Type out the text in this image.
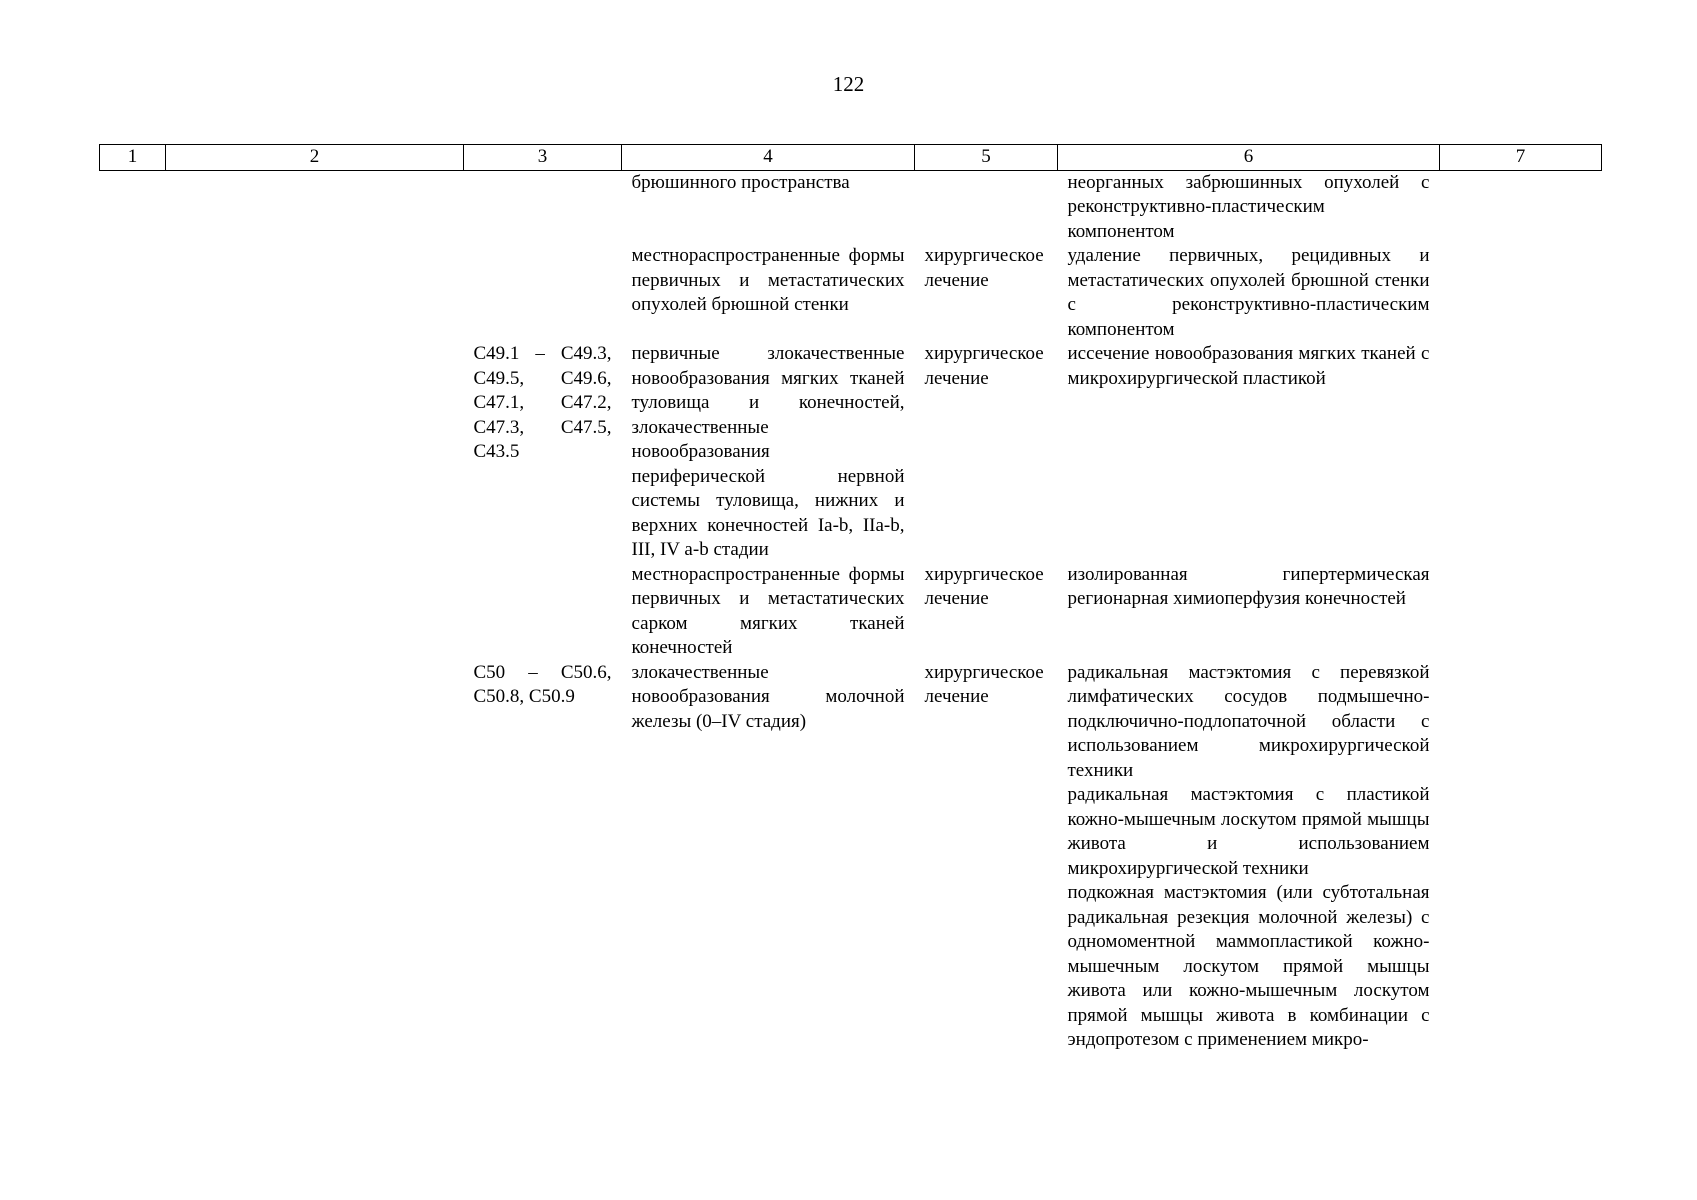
122
1	2	3	4	5	6	7
			брюшинного пространства		неорганных забрюшинных опухолей с реконструктивно-пластическим компонентом	
			местнораспространенные формы первичных и метастатических опухолей брюшной стенки	хирургическое лечение	удаление первичных, рецидивных и метастатических опухолей брюшной стенки с реконструктивно-пластическим компонентом	
		C49.1 – C49.3, C49.5, C49.6, C47.1, C47.2, C47.3, C47.5, C43.5	первичные злокачественные новообразования мягких тканей туловища и конечностей, злокачественные новообразования периферической нервной системы туловища, нижних и верхних конечностей Ia-b, IIa-b, III, IV a-b стадии	хирургическое лечение	иссечение новообразования мягких тканей с микрохирургической пластикой	
			местнораспространенные формы первичных и метастатических сарком мягких тканей конечностей	хирургическое лечение	изолированная гипертермическая регионарная химиоперфузия конечностей	
		C50 – C50.6, C50.8, C50.9	злокачественные новообразования молочной железы (0–IV стадия)	хирургическое лечение	радикальная мастэктомия с перевязкой лимфатических сосудов подмышечно-подключично-подлопаточной области с использованием микрохирургической техники
радикальная мастэктомия с пластикой кожно-мышечным лоскутом прямой мышцы живота и использованием микрохирургической техники
подкожная мастэктомия (или субтотальная радикальная резекция молочной железы) с одномоментной маммопластикой кожно-мышечным лоскутом прямой мышцы живота или кожно-мышечным лоскутом прямой мышцы живота в комбинации с эндопротезом с применением микро-	
